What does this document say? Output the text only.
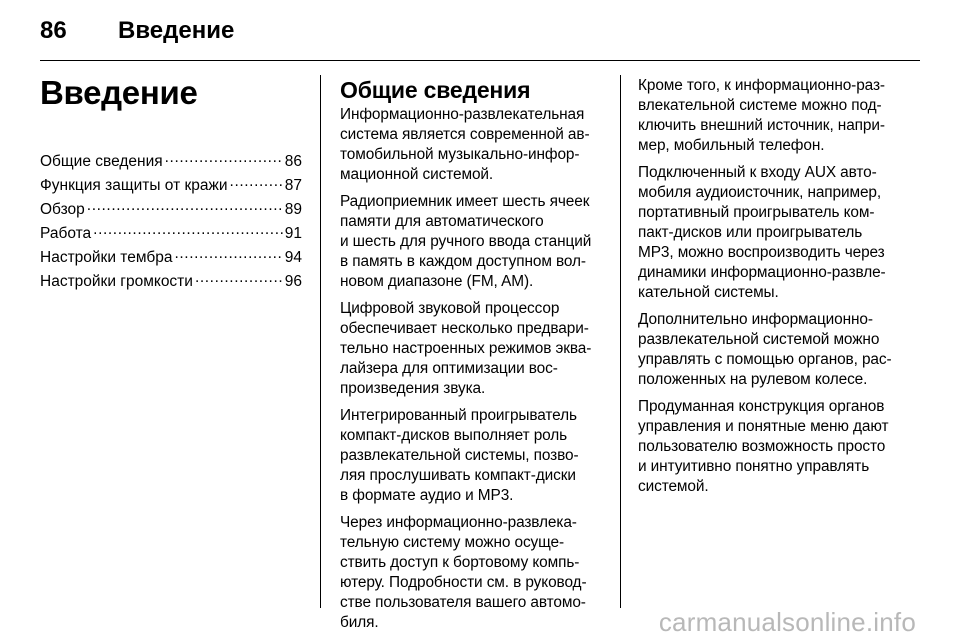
86 Введение
Введение
Общие сведения .....	86
Функция защиты от кражи .....	87
Обзор .....	89
Работа .....	91
Настройки тембра .....	94
Настройки громкости .....	96
Общие сведения

Информационно-развлекательная
система является современной ав-
томобильной музыкально-инфор-
мационной системой.

Радиоприемник имеет шесть ячеек
памяти для автоматического
и шесть для ручного ввода станций
в память в каждом доступном вол-
новом диапазоне (FM, AM).

Цифровой звуковой процессор
обеспечивает несколько предвари-
тельно настроенных режимов эква-
лайзера для оптимизации вос-
произведения звука.

Интегрированный проигрыватель
компакт-дисков выполняет роль
развлекательной системы, позво-
ляя прослушивать компакт-диски
в формате аудио и MP3.

Через информационно-развлека-
тельную систему можно осуще-
ствить доступ к бортовому компь-
ютеру. Подробности см. в руковод-
стве пользователя вашего автомо-
биля.

Кроме того, к информационно-раз-
влекательной системе можно под-
ключить внешний источник, напри-
мер, мобильный телефон.

Подключенный к входу AUX авто-
мобиля аудиоисточник, например,
портативный проигрыватель ком-
пакт-дисков или проигрыватель
MP3, можно воспроизводить через
динамики информационно-развле-
кательной системы.

Дополнительно информационно-
развлекательной системой можно
управлять с помощью органов, рас-
положенных на рулевом колесе.

Продуманная конструкция органов
управления и понятные меню дают
пользователю возможность просто
и интуитивно понятно управлять
системой.

carmanualsonline.info
